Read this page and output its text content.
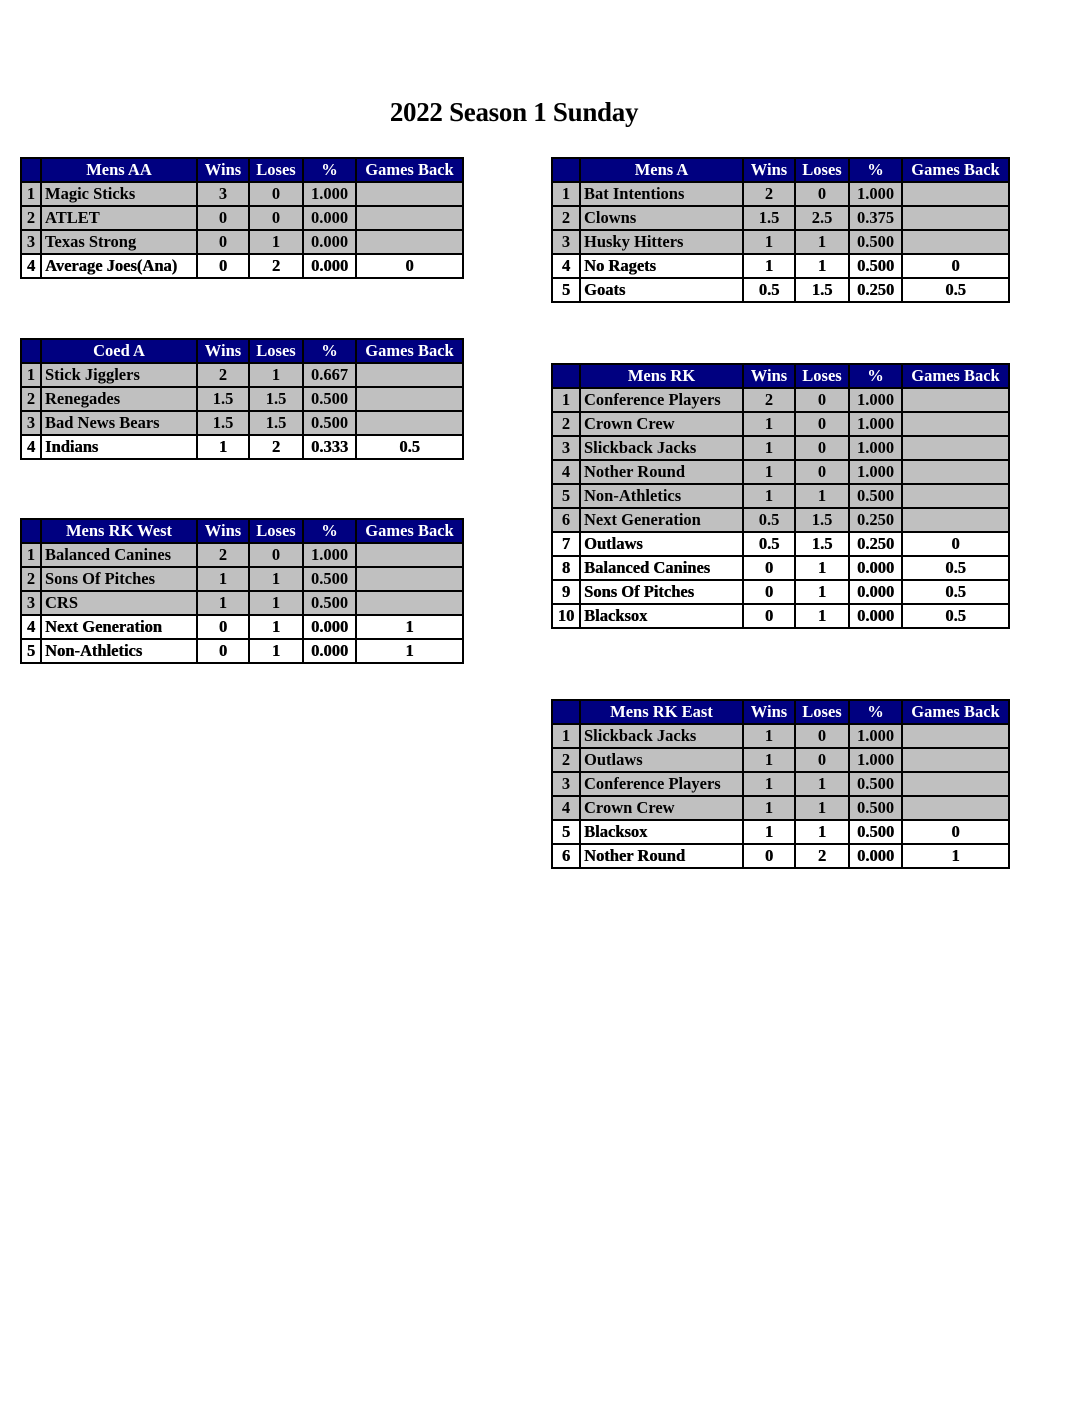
2022 Season 1 Sunday
	Mens AA	Wins	Loses	%	Games Back
1	Magic Sticks	3	0	1.000	
2	ATLET	0	0	0.000	
3	Texas Strong	0	1	0.000	
4	Average Joes(Ana)	0	2	0.000	0
	Coed A	Wins	Loses	%	Games Back
1	Stick Jigglers	2	1	0.667	
2	Renegades	1.5	1.5	0.500	
3	Bad News Bears	1.5	1.5	0.500	
4	Indians	1	2	0.333	0.5
	Mens RK West	Wins	Loses	%	Games Back
1	Balanced Canines	2	0	1.000	
2	Sons Of Pitches	1	1	0.500	
3	CRS	1	1	0.500	
4	Next Generation	0	1	0.000	1
5	Non-Athletics	0	1	0.000	1
	Mens A	Wins	Loses	%	Games Back
1	Bat Intentions	2	0	1.000	
2	Clowns	1.5	2.5	0.375	
3	Husky Hitters	1	1	0.500	
4	No Ragets	1	1	0.500	0
5	Goats	0.5	1.5	0.250	0.5
	Mens RK	Wins	Loses	%	Games Back
1	Conference Players	2	0	1.000	
2	Crown Crew	1	0	1.000	
3	Slickback Jacks	1	0	1.000	
4	Nother Round	1	0	1.000	
5	Non-Athletics	1	1	0.500	
6	Next Generation	0.5	1.5	0.250	
7	Outlaws	0.5	1.5	0.250	0
8	Balanced Canines	0	1	0.000	0.5
9	Sons Of Pitches	0	1	0.000	0.5
10	Blacksox	0	1	0.000	0.5
	Mens RK East	Wins	Loses	%	Games Back
1	Slickback Jacks	1	0	1.000	
2	Outlaws	1	0	1.000	
3	Conference Players	1	1	0.500	
4	Crown Crew	1	1	0.500	
5	Blacksox	1	1	0.500	0
6	Nother Round	0	2	0.000	1
